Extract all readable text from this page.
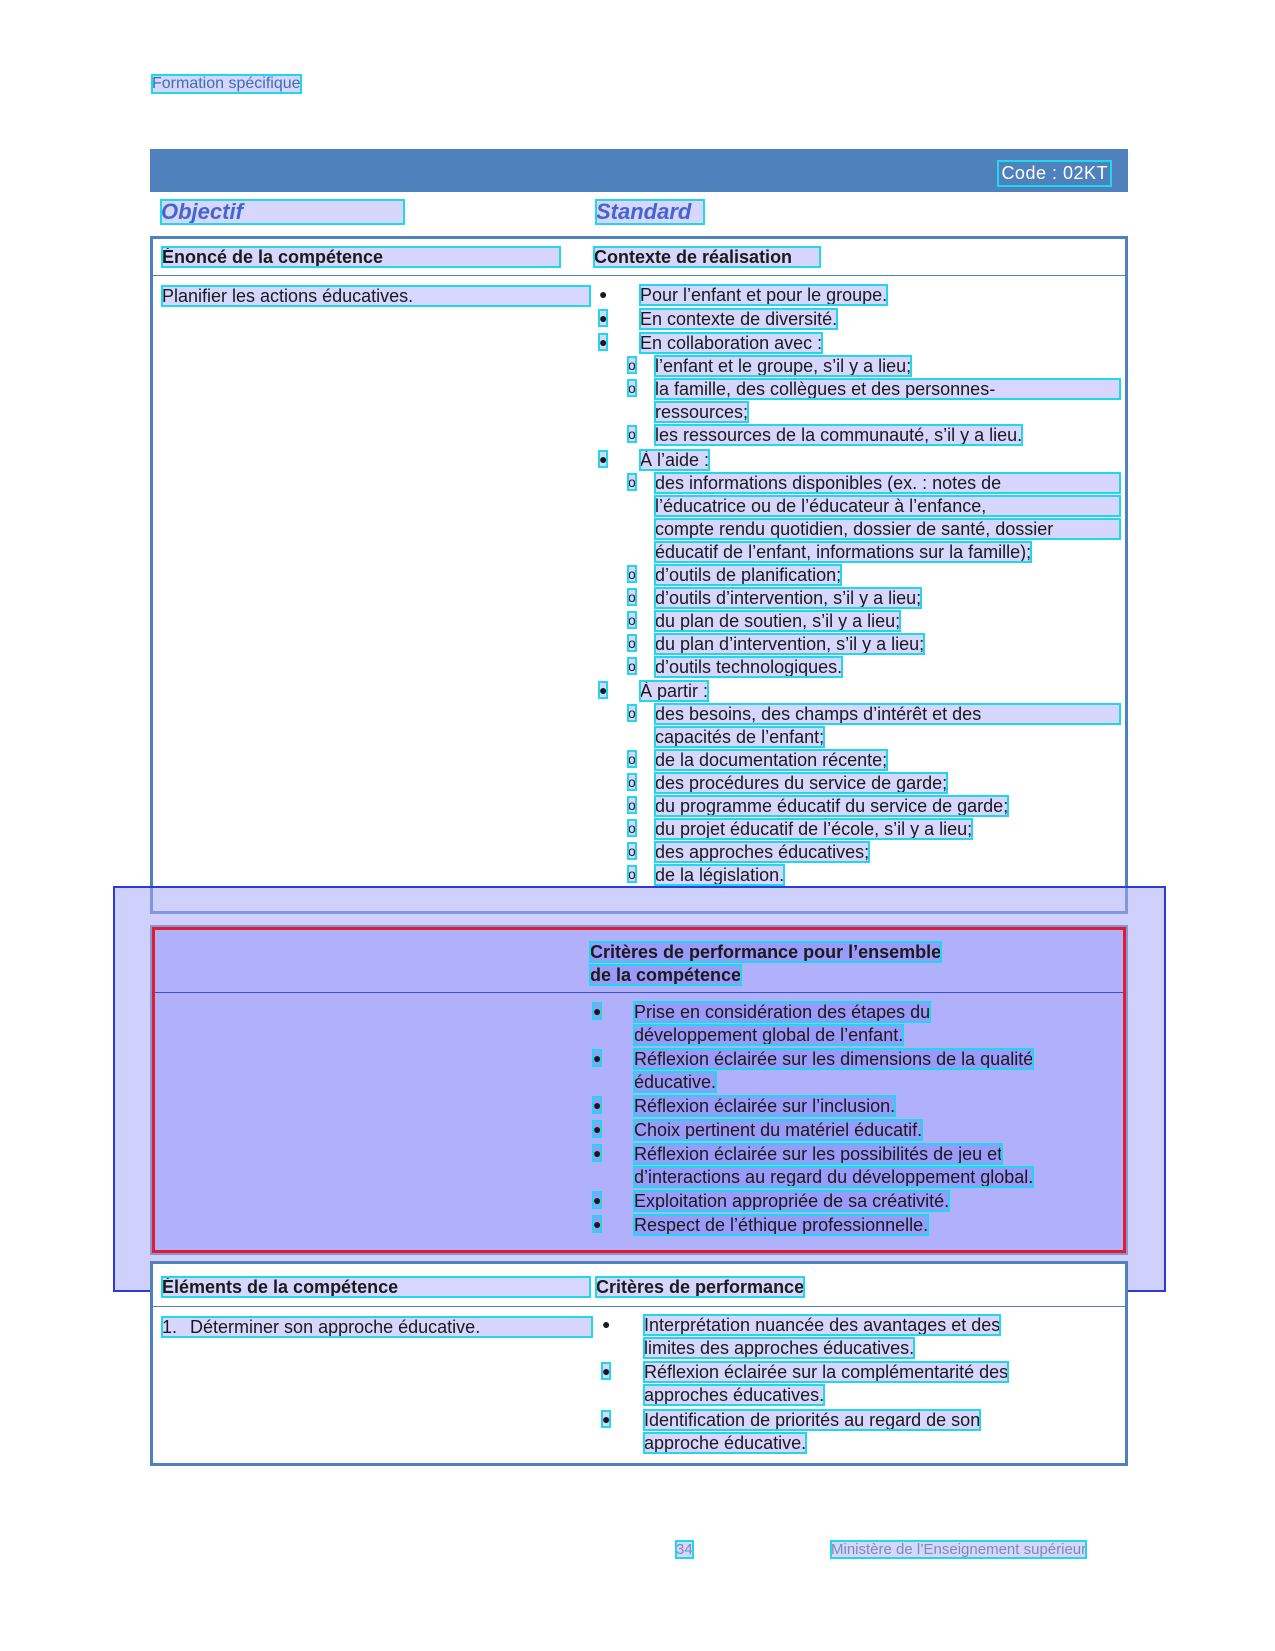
Formation spécifique
Code : 02KT
Objectif	Standard
Énoncé de la compétence	Contexte de réalisation
Planifier les actions éducatives.	● Pour l’enfant et pour le groupe.
● En contexte de diversité.
● En collaboration avec :
o l’enfant et le groupe, s’il y a lieu;
o la famille, des collègues et des personnes-
ressources;
o les ressources de la communauté, s’il y a lieu.
● À l’aide :
o des informations disponibles (ex. : notes de
l’éducatrice ou de l’éducateur à l’enfance,
compte rendu quotidien, dossier de santé, dossier
éducatif de l’enfant, informations sur la famille);
o d’outils de planification;
o d’outils d’intervention, s’il y a lieu;
o du plan de soutien, s’il y a lieu;
o du plan d’intervention, s’il y a lieu;
o d’outils technologiques.
● À partir :
o des besoins, des champs d’intérêt et des
capacités de l’enfant;
o de la documentation récente;
o des procédures du service de garde;
o du programme éducatif du service de garde;
o du projet éducatif de l’école, s’il y a lieu;
o des approches éducatives;
o de la législation.
Critères de performance pour l’ensemble
de la compétence
● Prise en considération des étapes du
développement global de l’enfant.
● Réflexion éclairée sur les dimensions de la qualité
éducative.
● Réflexion éclairée sur l’inclusion.
● Choix pertinent du matériel éducatif.
● Réflexion éclairée sur les possibilités de jeu et
d’interactions au regard du développement global.
● Exploitation appropriée de sa créativité.
● Respect de l’éthique professionnelle.
Éléments de la compétence	Critères de performance
1. Déterminer son approche éducative.	● Interprétation nuancée des avantages et des
limites des approches éducatives.
● Réflexion éclairée sur la complémentarité des
approches éducatives.
● Identification de priorités au regard de son
approche éducative.
34	Ministère de l’Enseignement supérieur
